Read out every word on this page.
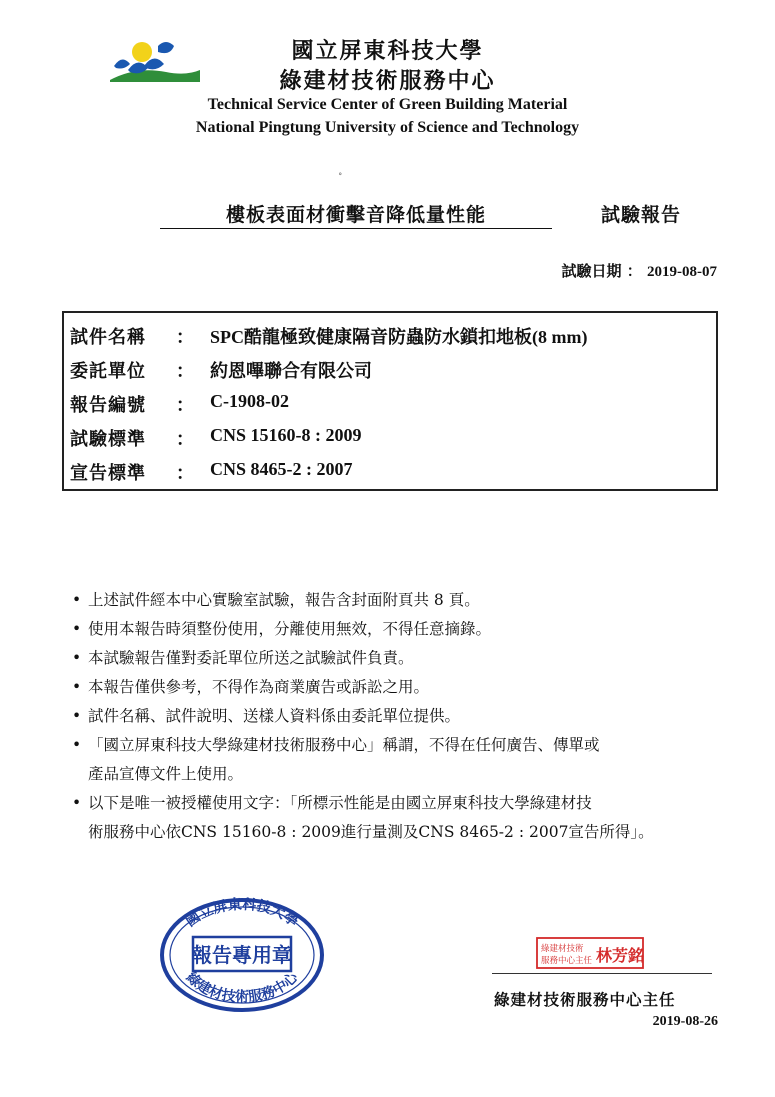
國立屏東科技大學
綠建材技術服務中心
Technical Service Center of Green Building Material
National Pingtung University of Science and Technology
˚
樓板表面材衝擊音降低量性能	試驗報告
試驗日期 ： 2019-08-07
試件名稱 ： SPC酷龍極致健康隔音防蟲防水鎖扣地板(8 mm)
委託單位 ： 約恩嗶聯合有限公司
報告編號 ： C-1908-02
試驗標準 ： CNS 15160-8 : 2009
宣告標準 ： CNS 8465-2 : 2007
• 上述試件經本中心實驗室試驗，報告含封面附頁共 8 頁。
• 使用本報告時須整份使用，分離使用無效，不得任意摘錄。
• 本試驗報告僅對委託單位所送之試驗試件負責。
• 本報告僅供參考，不得作為商業廣告或訴訟之用。
• 試件名稱、試件說明、送樣人資料係由委託單位提供。
• 「國立屏東科技大學綠建材技術服務中心」稱謂，不得在任何廣告、傳單或
產品宣傳文件上使用。
• 以下是唯一被授權使用文字：「所標示性能是由國立屏東科技大學綠建材技
術服務中心依CNS 15160-8 : 2009進行量測及CNS 8465-2 : 2007宣告所得」。
國立屏東科技大學
綠建材技術服務中心
報告專用章	綠建材技術
服務中心主任 林芳銘
綠建材技術服務中心主任
2019-08-26
